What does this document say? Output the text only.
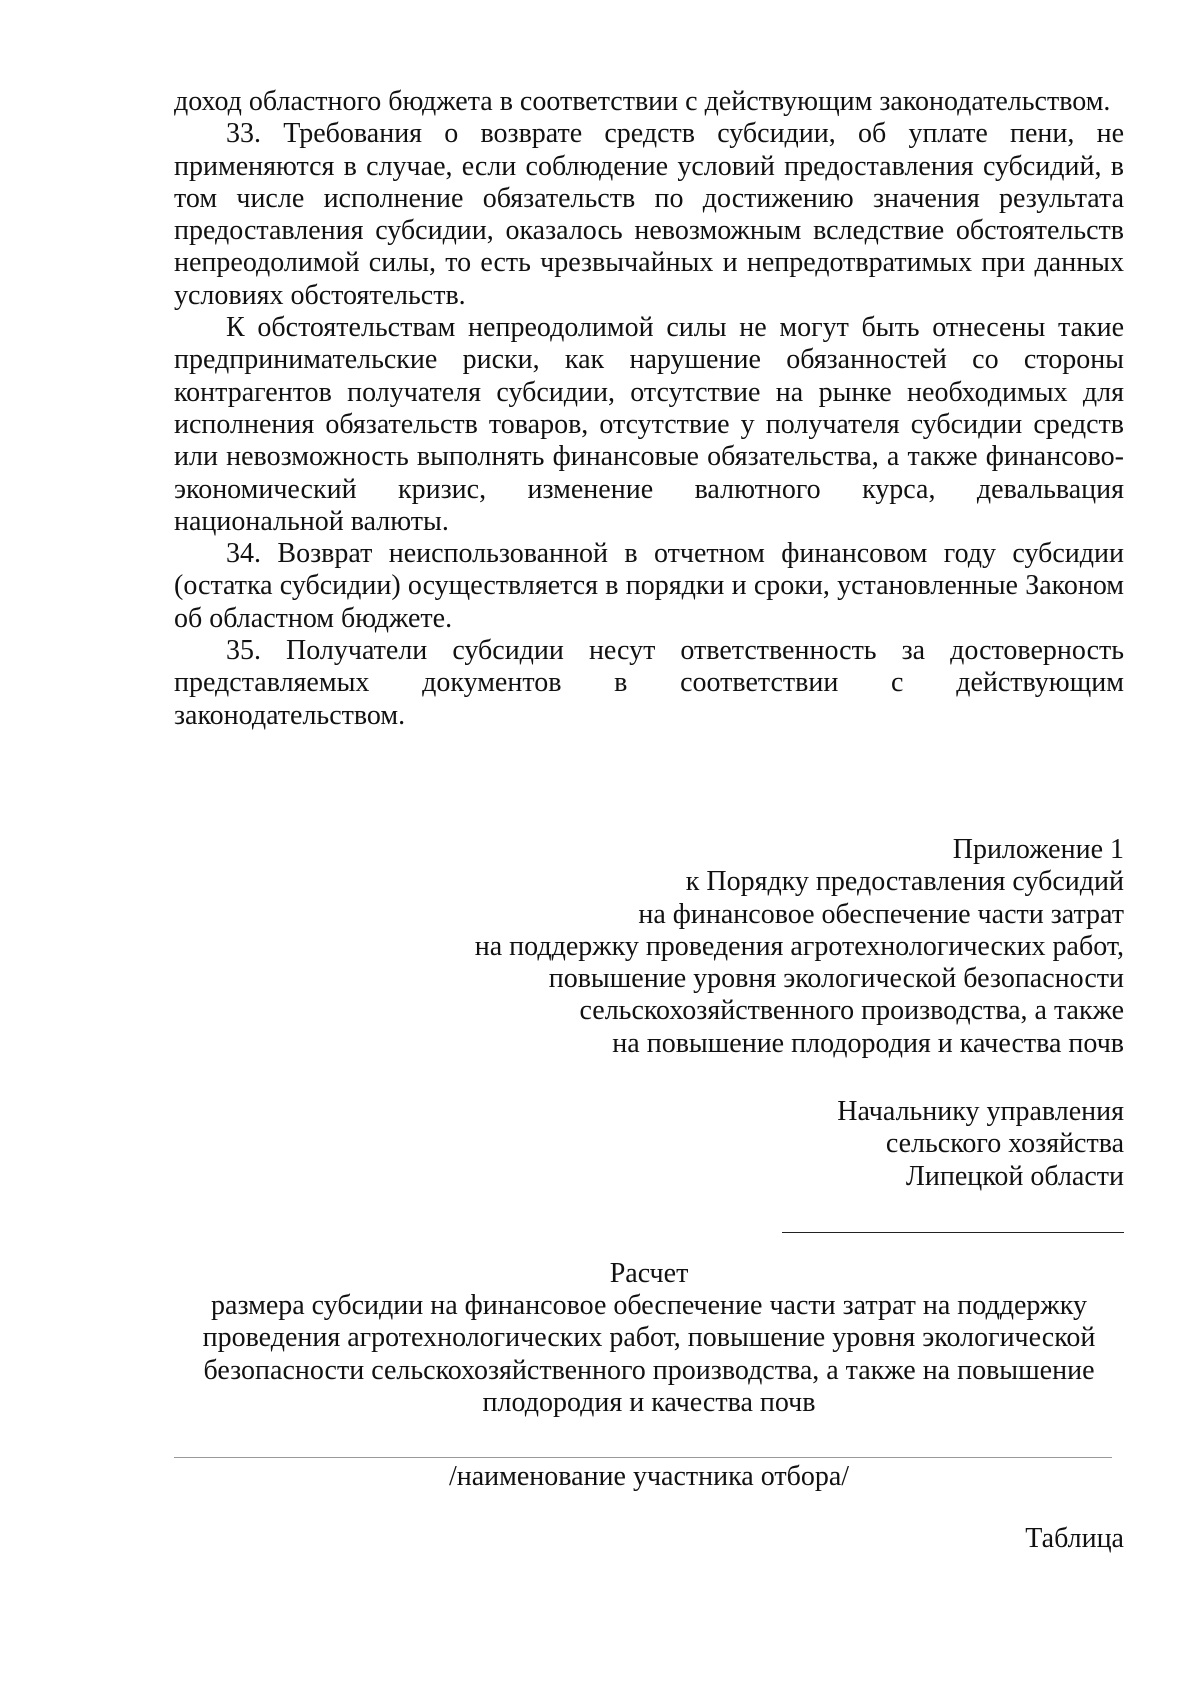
доход областного бюджета в соответствии с действующим законодательством.

33. Требования о возврате средств субсидии, об уплате пени, не применяются в случае, если соблюдение условий предоставления субсидий, в том числе исполнение обязательств по достижению значения результата предоставления субсидии, оказалось невозможным вследствие обстоятельств непреодолимой силы, то есть чрезвычайных и непредотвратимых при данных условиях обстоятельств.

К обстоятельствам непреодолимой силы не могут быть отнесены такие предпринимательские риски, как нарушение обязанностей со стороны контрагентов получателя субсидии, отсутствие на рынке необходимых для исполнения обязательств товаров, отсутствие у получателя субсидии средств или невозможность выполнять финансовые обязательства, а также финансово-экономический кризис, изменение валютного курса, девальвация национальной валюты.

34. Возврат неиспользованной в отчетном финансовом году субсидии (остатка субсидии) осуществляется в порядки и сроки, установленные Законом об областном бюджете.

35. Получатели субсидии несут ответственность за достоверность представляемых документов в соответствии с действующим законодательством.

Приложение 1
к Порядку предоставления субсидий
на финансовое обеспечение части затрат
на поддержку проведения агротехнологических работ,
повышение уровня экологической безопасности
сельскохозяйственного производства, а также
на повышение плодородия и качества почв
Начальнику управления
сельского хозяйства
Липецкой области
Расчет
размера субсидии на финансовое обеспечение части затрат на поддержку
проведения агротехнологических работ, повышение уровня экологической
безопасности сельскохозяйственного производства, а также на повышение
плодородия и качества почв
/наименование участника отбора/
Таблица
